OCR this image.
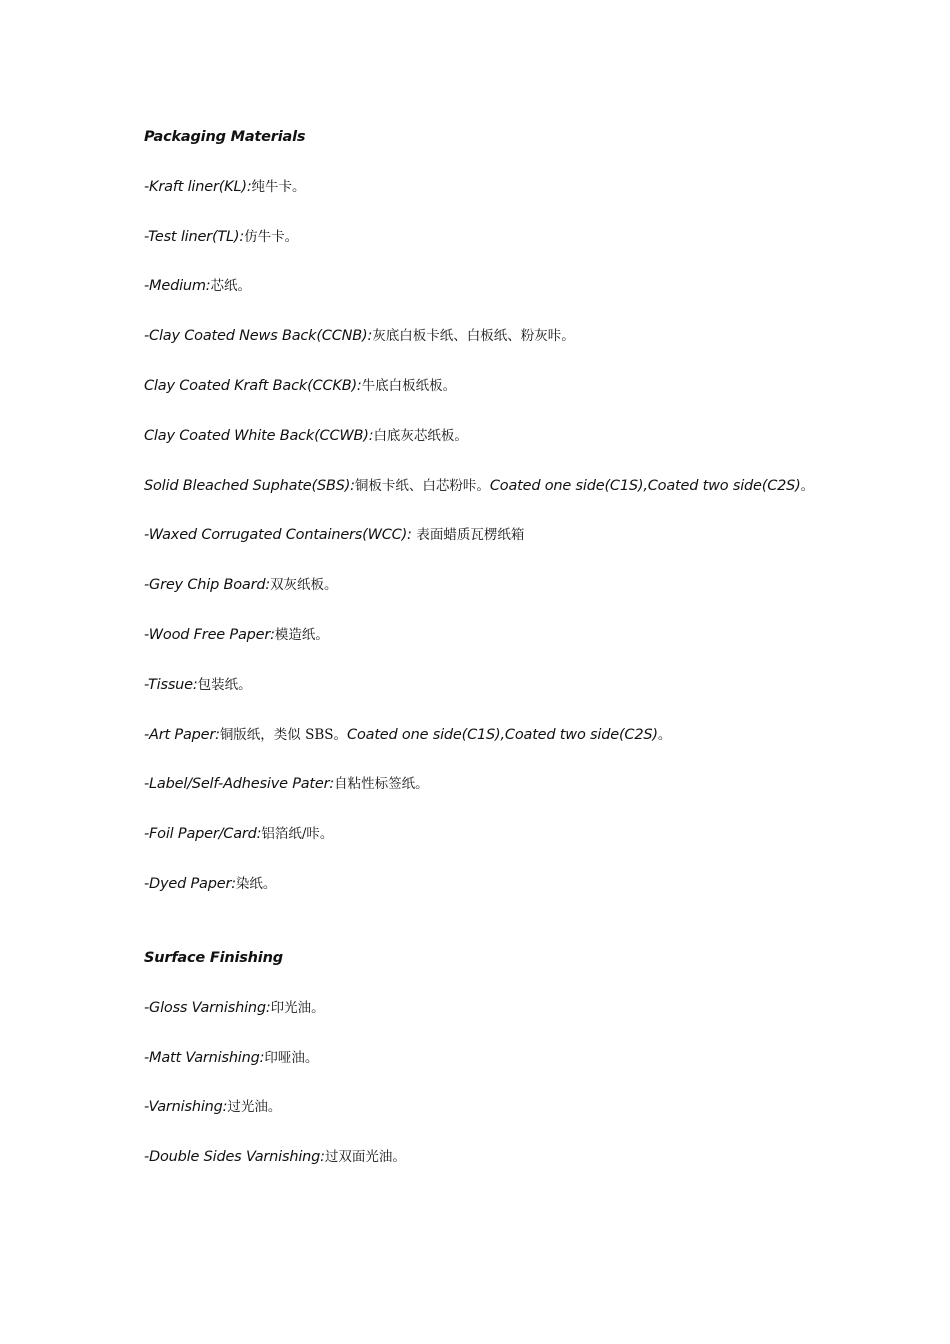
Packaging Materials
-Kraft liner(KL):纯牛卡。
-Test liner(TL):仿牛卡。
-Medium:芯纸。
-Clay Coated News Back(CCNB):灰底白板卡纸、白板纸、粉灰咔。
Clay Coated Kraft Back(CCKB):牛底白板纸板。
Clay Coated White Back(CCWB):白底灰芯纸板。
Solid Bleached Suphate(SBS):铜板卡纸、白芯粉咔。Coated one side(C1S),Coated two side(C2S)。
-Waxed Corrugated Containers(WCC): 表面蜡质瓦楞纸箱
-Grey Chip Board:双灰纸板。
-Wood Free Paper:模造纸。
-Tissue:包装纸。
-Art Paper:铜版纸，类似 SBS。Coated one side(C1S),Coated two side(C2S)。
-Label/Self-Adhesive Pater:自粘性标签纸。
-Foil Paper/Card:铝箔纸/咔。
-Dyed Paper:染纸。
Surface Finishing
-Gloss Varnishing:印光油。
-Matt Varnishing:印哑油。
-Varnishing:过光油。
-Double Sides Varnishing:过双面光油。
